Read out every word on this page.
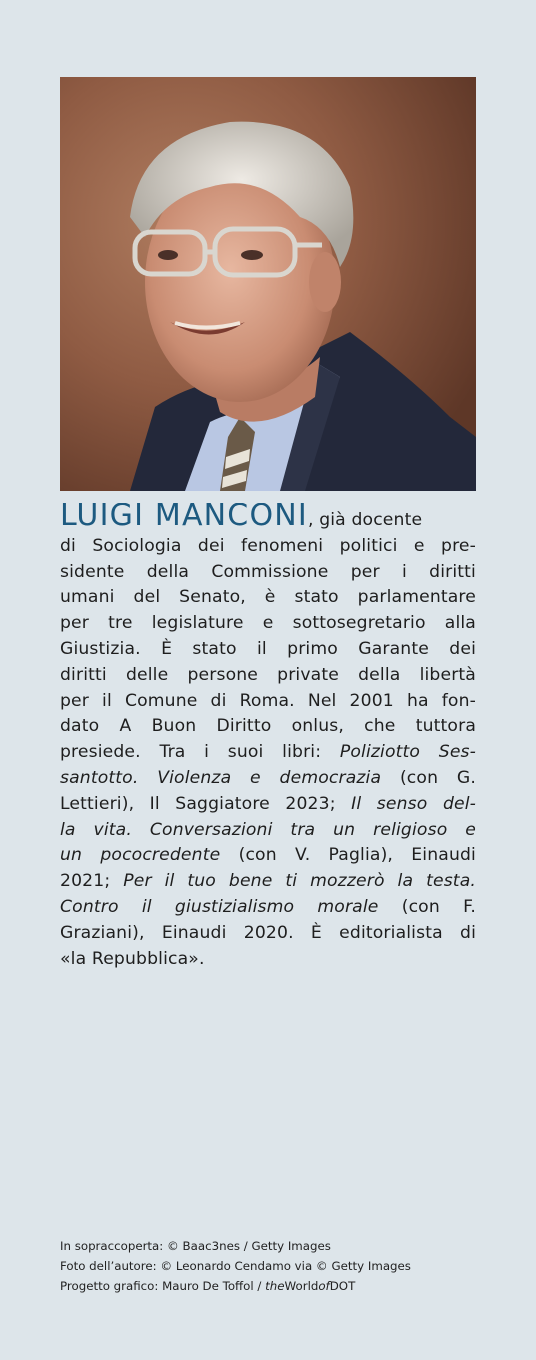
LUIGI MANCONI, già docente
di Sociologia dei fenomeni politici e pre-
sidente della Commissione per i diritti
umani del Senato, è stato parlamentare
per tre legislature e sottosegretario alla
Giustizia. È stato il primo Garante dei
diritti delle persone private della libertà
per il Comune di Roma. Nel 2001 ha fon-
dato A Buon Diritto onlus, che tuttora
presiede. Tra i suoi libri: Poliziotto Ses-
santotto. Violenza e democrazia (con G.
Lettieri), Il Saggiatore 2023; Il senso del-
la vita. Conversazioni tra un religioso e
un pococredente (con V. Paglia), Einaudi
2021; Per il tuo bene ti mozzerò la testa.
Contro il giustizialismo morale (con F.
Graziani), Einaudi 2020. È editorialista di
«la Repubblica».
In sopraccoperta: © Baac3nes / Getty Images
Foto dell’autore: © Leonardo Cendamo via © Getty Images
Progetto grafico: Mauro De Toffol / theWorldofDOT
